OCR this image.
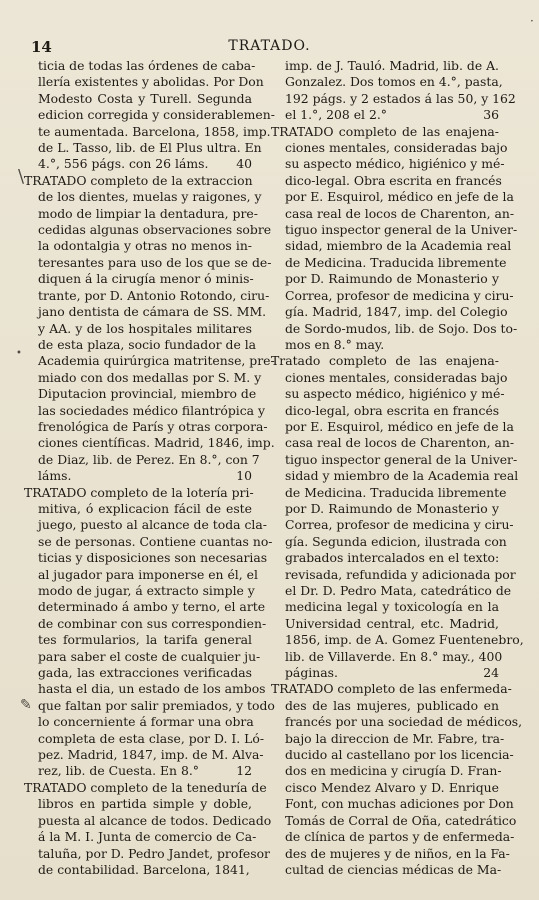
14	TRATADO.
ticia de todas las órdenes de caba-
llería existentes y abolidas. Por Don
Modesto Costa y Turell. Segunda
edicion corregida y considerablemen-
te aumentada. Barcelona, 1858, imp.
de L. Tasso, lib. de El Plus ultra. En
4.°, 556 págs. con 26 láms. 40
TRATADO completo de la extraccion
de los dientes, muelas y raigones, y
modo de limpiar la dentadura, pre-
cedidas algunas observaciones sobre
la odontalgia y otras no menos in-
teresantes para uso de los que se de-
diquen á la cirugía menor ó minis-
trante, por D. Antonio Rotondo, ciru-
jano dentista de cámara de SS. MM.
y AA. y de los hospitales militares
de esta plaza, socio fundador de la
Academia quirúrgica matritense, pre-
miado con dos medallas por S. M. y
Diputacion provincial, miembro de
las sociedades médico filantrópica y
frenológica de París y otras corpora-
ciones científicas. Madrid, 1846, imp.
de Diaz, lib. de Perez. En 8.°, con 7
láms.	10
TRATADO completo de la lotería pri-
mitiva, ó explicacion fácil de este
juego, puesto al alcance de toda cla-
se de personas. Contiene cuantas no-
ticias y disposiciones son necesarias
al jugador para imponerse en él, el
modo de jugar, á extracto simple y
determinado á ambo y terno, el arte
de combinar con sus correspondien-
tes formularios, la tarifa general
para saber el coste de cualquier ju-
gada, las extracciones verificadas
hasta el dia, un estado de los ambos
que faltan por salir premiados, y todo
lo concerniente á formar una obra
completa de esta clase, por D. I. Ló-
pez. Madrid, 1847, imp. de M. Alva-
rez, lib. de Cuesta. En 8.°	12
TRATADO completo de la teneduría de
libros en partida simple y doble,
puesta al alcance de todos. Dedicado
á la M. I. Junta de comercio de Ca-
taluña, por D. Pedro Jandet, profesor
de contabilidad. Barcelona, 1841,
imp. de J. Tauló. Madrid, lib. de A.
Gonzalez. Dos tomos en 4.°, pasta,
192 págs. y 2 estados á las 50, y 162
el 1.°, 208 el 2.°	36
TRATADO completo de las enajena-
ciones mentales, consideradas bajo
su aspecto médico, higiénico y mé-
dico-legal. Obra escrita en francés
por E. Esquirol, médico en jefe de la
casa real de locos de Charenton, an-
tiguo inspector general de la Univer-
sidad, miembro de la Academia real
de Medicina. Traducida libremente
por D. Raimundo de Monasterio y
Correa, profesor de medicina y ciru-
gía. Madrid, 1847, imp. del Colegio
de Sordo-mudos, lib. de Sojo. Dos to-
mos en 8.° may.
Tratado completo de las enajena-
ciones mentales, consideradas bajo
su aspecto médico, higiénico y mé-
dico-legal, obra escrita en francés
por E. Esquirol, médico en jefe de la
casa real de locos de Charenton, an-
tiguo inspector general de la Univer-
sidad y miembro de la Academia real
de Medicina. Traducida libremente
por D. Raimundo de Monasterio y
Correa, profesor de medicina y ciru-
gía. Segunda edicion, ilustrada con
grabados intercalados en el texto:
revisada, refundida y adicionada por
el Dr. D. Pedro Mata, catedrático de
medicina legal y toxicología en la
Universidad central, etc. Madrid,
1856, imp. de A. Gomez Fuentenebro,
lib. de Villaverde. En 8.° may., 400
páginas.	24
TRATADO completo de las enfermeda-
des de las mujeres, publicado en
francés por una sociedad de médicos,
bajo la direccion de Mr. Fabre, tra-
ducido al castellano por los licencia-
dos en medicina y cirugía D. Fran-
cisco Mendez Alvaro y D. Enrique
Font, con muchas adiciones por Don
Tomás de Corral de Oña, catedrático
de clínica de partos y de enfermeda-
des de mujeres y de niños, en la Fa-
cultad de ciencias médicas de Ma-
\
•
✎
·
